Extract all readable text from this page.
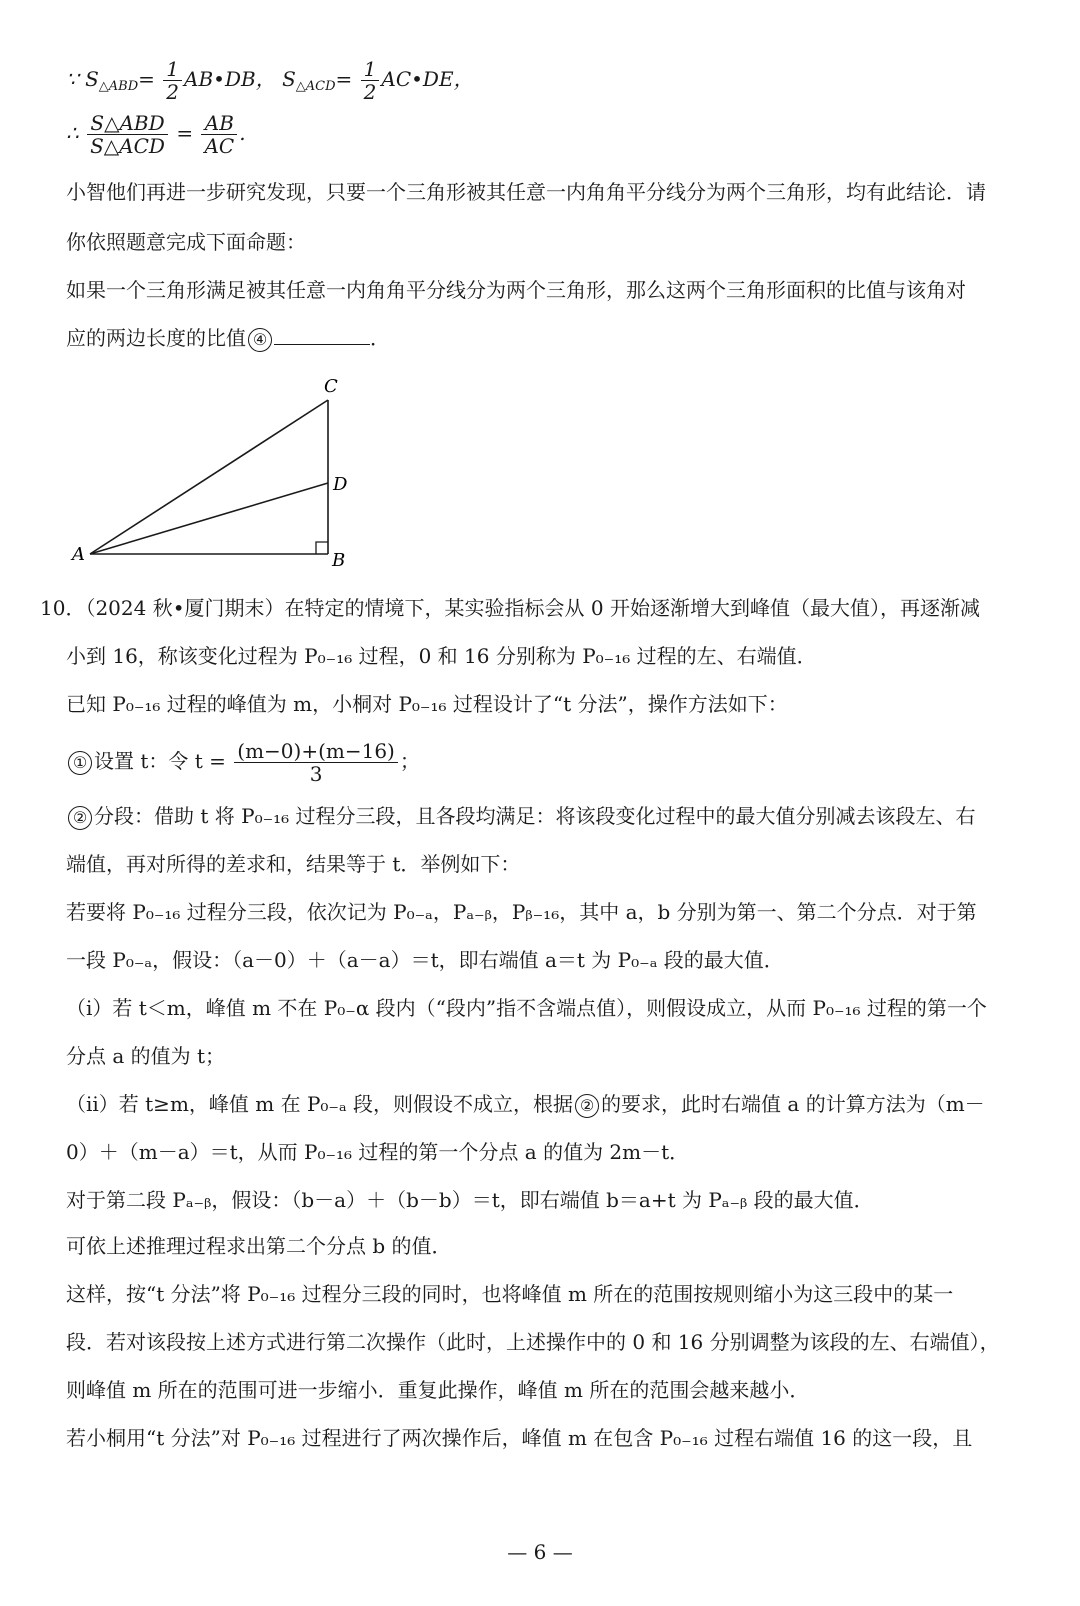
∵ $S_{\triangle ABD}= \frac{1}{2}$ AB•DB， $S_{\triangle ACD}= \frac{1}{2}$ AC•DE，
∴ $\frac{\text{S△ABD}}{\text{S△ACD}} = \frac{AB}{AC}$ .
小智他们再进一步研究发现，只要一个三角形被其任意一内角角平分线分为两个三角形，均有此结论．请
你依照题意完成下面命题：
如果一个三角形满足被其任意一内角角平分线分为两个三角形，那么这两个三角形面积的比值与该角对
应的两边长度的比值 ④	．
A	B
C
D
10．（2024 秋•厦门期末）在特定的情境下，某实验指标会从 0 开始逐渐增大到峰值（最大值），再逐渐减
小到 16，称该变化过程为 P₀₋₁₆ 过程，0 和 16 分别称为 P₀₋₁₆ 过程的左、右端值．
已知 P₀₋₁₆ 过程的峰值为 m，小桐对 P₀₋₁₆ 过程设计了“t 分法”，操作方法如下：
① 设置 t：令 $t = \frac{(m-0)+(m-16)}{3}$ ；
② 分段：借助 t 将 P₀₋₁₆ 过程分三段，且各段均满足：将该段变化过程中的最大值分别减去该段左、右
端值，再对所得的差求和，结果等于 t．举例如下：
若要将 P₀₋₁₆ 过程分三段，依次记为 P₀₋ₐ，Pₐ₋ᵦ，Pᵦ₋₁₆，其中 a，b 分别为第一、第二个分点．对于第
一段 P₀₋ₐ，假设：（a－0）＋（a－a）＝t，即右端值 a＝t 为 P₀₋ₐ 段的最大值．
（i）若 t＜m，峰值 m 不在 P₀₋α 段内（“段内”指不含端点值），则假设成立，从而 P₀₋₁₆ 过程的第一个
分点 a 的值为 t；
（ii）若 t≥m，峰值 m 在 P₀₋ₐ 段，则假设不成立，根据 ② 的要求，此时右端值 a 的计算方法为（m－
0）＋（m－a）＝t，从而 P₀₋₁₆ 过程的第一个分点 a 的值为 2m－t．
对于第二段 Pₐ₋ᵦ，假设：（b－a）＋（b－b）＝t，即右端值 b＝a+t 为 Pₐ₋ᵦ 段的最大值．
可依上述推理过程求出第二个分点 b 的值．
这样，按“t 分法”将 P₀₋₁₆ 过程分三段的同时，也将峰值 m 所在的范围按规则缩小为这三段中的某一
段．若对该段按上述方式进行第二次操作（此时，上述操作中的 0 和 16 分别调整为该段的左、右端值），
则峰值 m 所在的范围可进一步缩小．重复此操作，峰值 m 所在的范围会越来越小．
若小桐用“t 分法”对 P₀₋₁₆ 过程进行了两次操作后，峰值 m 在包含 P₀₋₁₆ 过程右端值 16 的这一段，且
— 6 —
